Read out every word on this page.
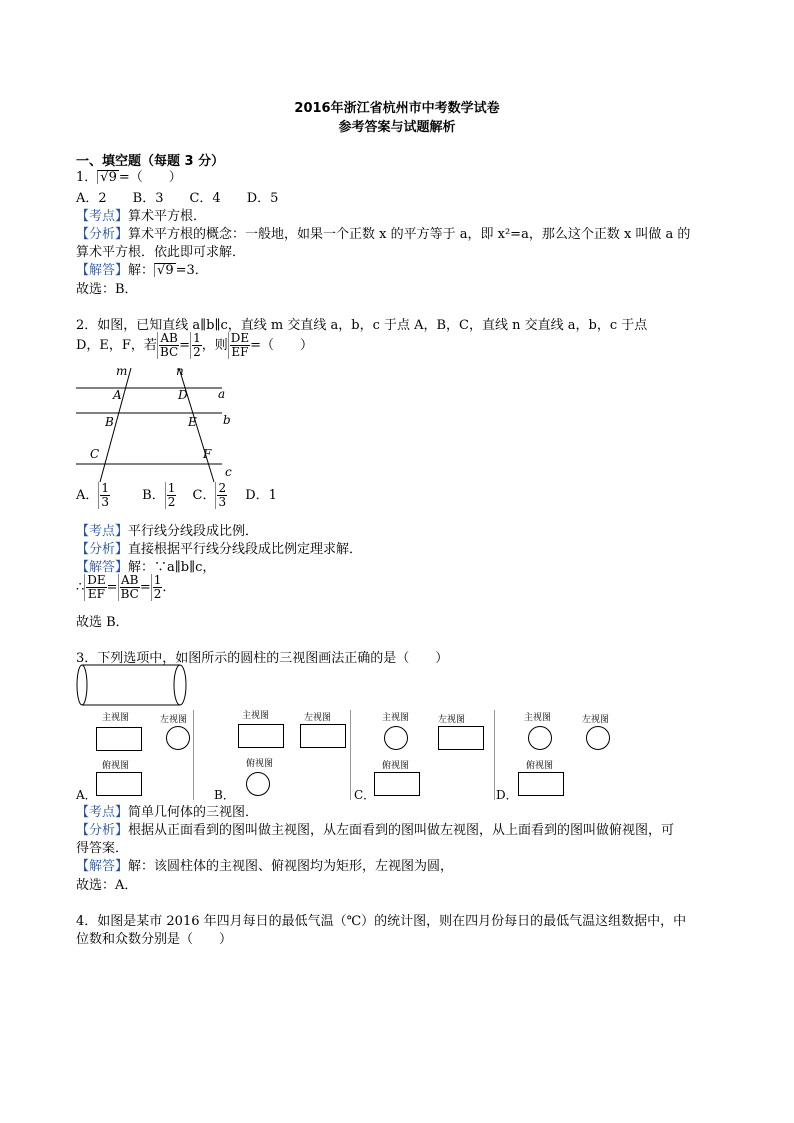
2016年浙江省杭州市中考数学试卷
参考答案与试题解析
一、填空题（每题 3 分）
1． √9 =（　　）
A．2　　B．3　　C．4　　D．5
【考点】算术平方根．
【分析】算术平方根的概念：一般地，如果一个正数 x 的平方等于 a，即 x²=a，那么这个正数 x 叫做 a 的
算术平方根．依此即可求解．
【解答】解： √9 =3．
故选：B．
2．如图，已知直线 a∥b∥c，直线 m 交直线 a，b，c 于点 A，B，C，直线 n 交直线 a，b，c 于点
D，E，F，若 $\frac{AB}{BC} = \frac{1}{2}$ ，则 $\frac{DE}{EF}$ =（　　）
m	n
a
b
c
A
B
C
D
E
F
A． $\frac{1}{3}$ B． $\frac{1}{2}$ C． $\frac{2}{3}$ D．1
【考点】平行线分线段成比例．
【分析】直接根据平行线分线段成比例定理求解．
【解答】解：∵a∥b∥c，
∴ $\frac{DE}{EF} = \frac{AB}{BC} = \frac{1}{2}$ ．
故选 B．
3．下列选项中，如图所示的圆柱的三视图画法正确的是（　　）
主视图	左视图
俯视图
A．
主视图	左视图
俯视图
B．
主视图	左视图
俯视图
C．
主视图	左视图
俯视图
D．
【考点】简单几何体的三视图．
【分析】根据从正面看到的图叫做主视图，从左面看到的图叫做左视图，从上面看到的图叫做俯视图，可
得答案．
【解答】解：该圆柱体的主视图、俯视图均为矩形，左视图为圆，
故选：A．
4．如图是某市 2016 年四月每日的最低气温（℃）的统计图，则在四月份每日的最低气温这组数据中，中
位数和众数分别是（　　）
